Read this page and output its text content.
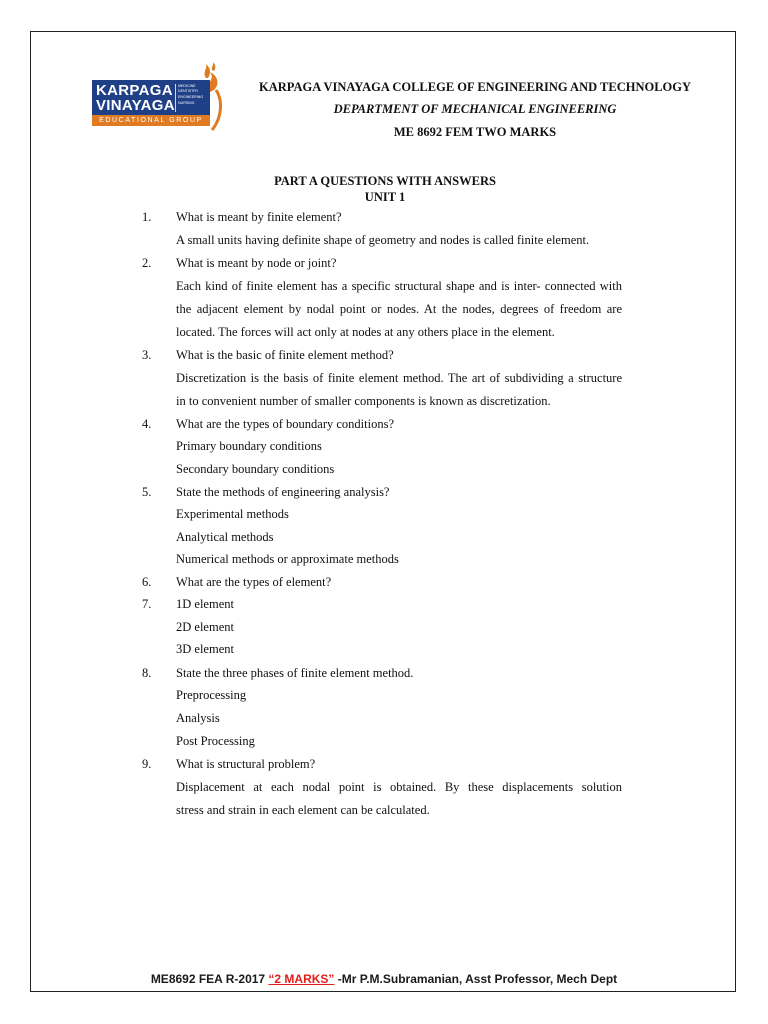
KARPAGA
VINAYAGA
MEDICINE
DENTISTRY
ENGINEERING
NURSING
EDUCATIONAL GROUP
KARPAGA VINAYAGA COLLEGE OF ENGINEERING AND TECHNOLOGY
DEPARTMENT OF MECHANICAL ENGINEERING
ME 8692 FEM TWO MARKS
PART A QUESTIONS WITH ANSWERS
UNIT 1
1. What is meant by finite element?
A small units having definite shape of geometry and nodes is called finite element.
2. What is meant by node or joint?
Each kind of finite element has a specific structural shape and is inter- connected with
the adjacent element by nodal point or nodes. At the nodes, degrees of freedom are
located. The forces will act only at nodes at any others place in the element.
3. What is the basic of finite element method?
Discretization is the basis of finite element method. The art of subdividing a structure
in to convenient number of smaller components is known as discretization.
4. What are the types of boundary conditions?
Primary boundary conditions
Secondary boundary conditions
5. State the methods of engineering analysis?
Experimental methods
Analytical methods
Numerical methods or approximate methods
6. What are the types of element?
7. 1D element
2D element
3D element
8. State the three phases of finite element method.
Preprocessing
Analysis
Post Processing
9. What is structural problem?
Displacement at each nodal point is obtained. By these displacements solution
stress and strain in each element can be calculated.
ME8692 FEA R-2017 “2 MARKS” -Mr P.M.Subramanian, Asst Professor, Mech Dept
